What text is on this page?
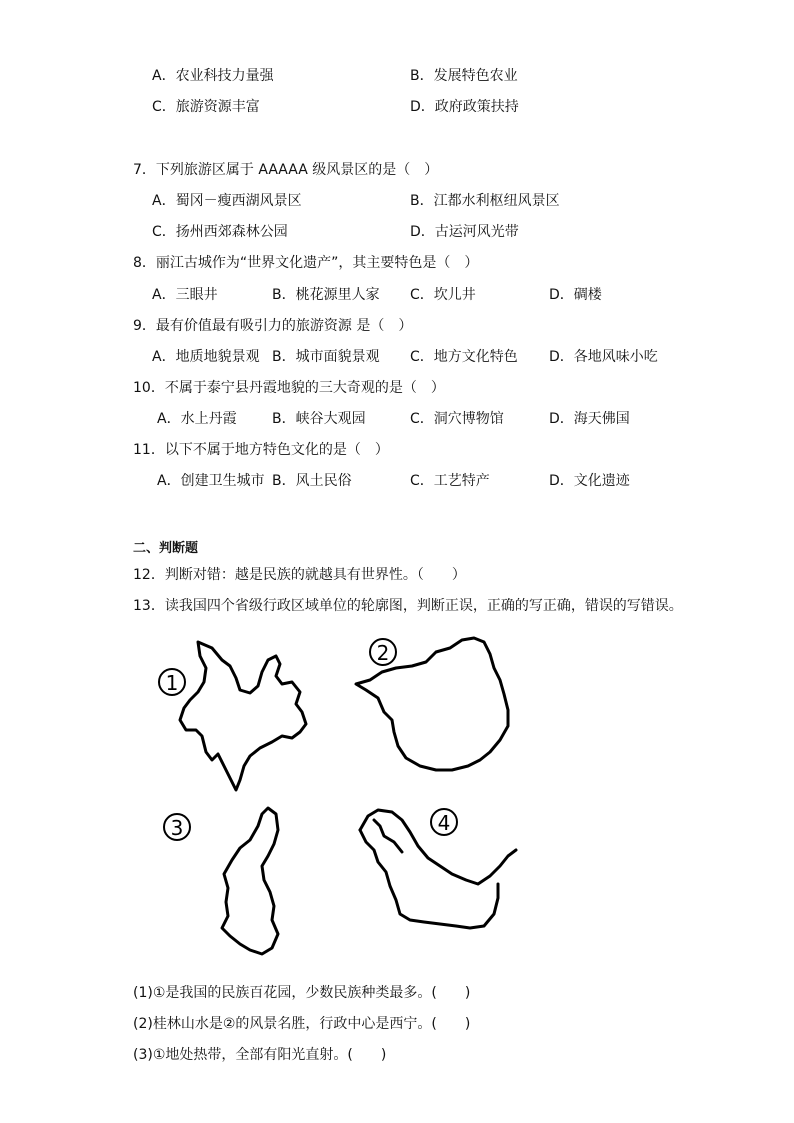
A．农业科技力量强	B．发展特色农业
C．旅游资源丰富	D．政府政策扶持
7．下列旅游区属于 AAAAA 级风景区的是（　）
A．蜀冈－瘦西湖风景区	B．江都水利枢纽风景区
C．扬州西郊森林公园	D．古运河风光带
8．丽江古城作为“世界文化遗产”，其主要特色是（　）
A．三眼井	B．桃花源里人家 C．坎儿井	D．碉楼
9．最有价值最有吸引力的旅游资源 是（　）
A．地质地貌景观 B．城市面貌景观 C．地方文化特色 D．各地风味小吃
10．不属于泰宁县丹霞地貌的三大奇观的是（　）
A．水上丹霞	B．峡谷大观园	C．洞穴博物馆	D．海天佛国
11．以下不属于地方特色文化的是（　）
A．创建卫生城市 B．风土民俗	C．工艺特产	D．文化遗迹
二、判断题
12．判断对错：越是民族的就越具有世界性。（　　）
13．读我国四个省级行政区域单位的轮廓图，判断正误，正确的写正确，错误的写错误。
1
2
3	4
(1)①是我国的民族百花园，少数民族种类最多。(　　)
(2)桂林山水是②的风景名胜，行政中心是西宁。(　　)
(3)①地处热带，全部有阳光直射。(　　)
